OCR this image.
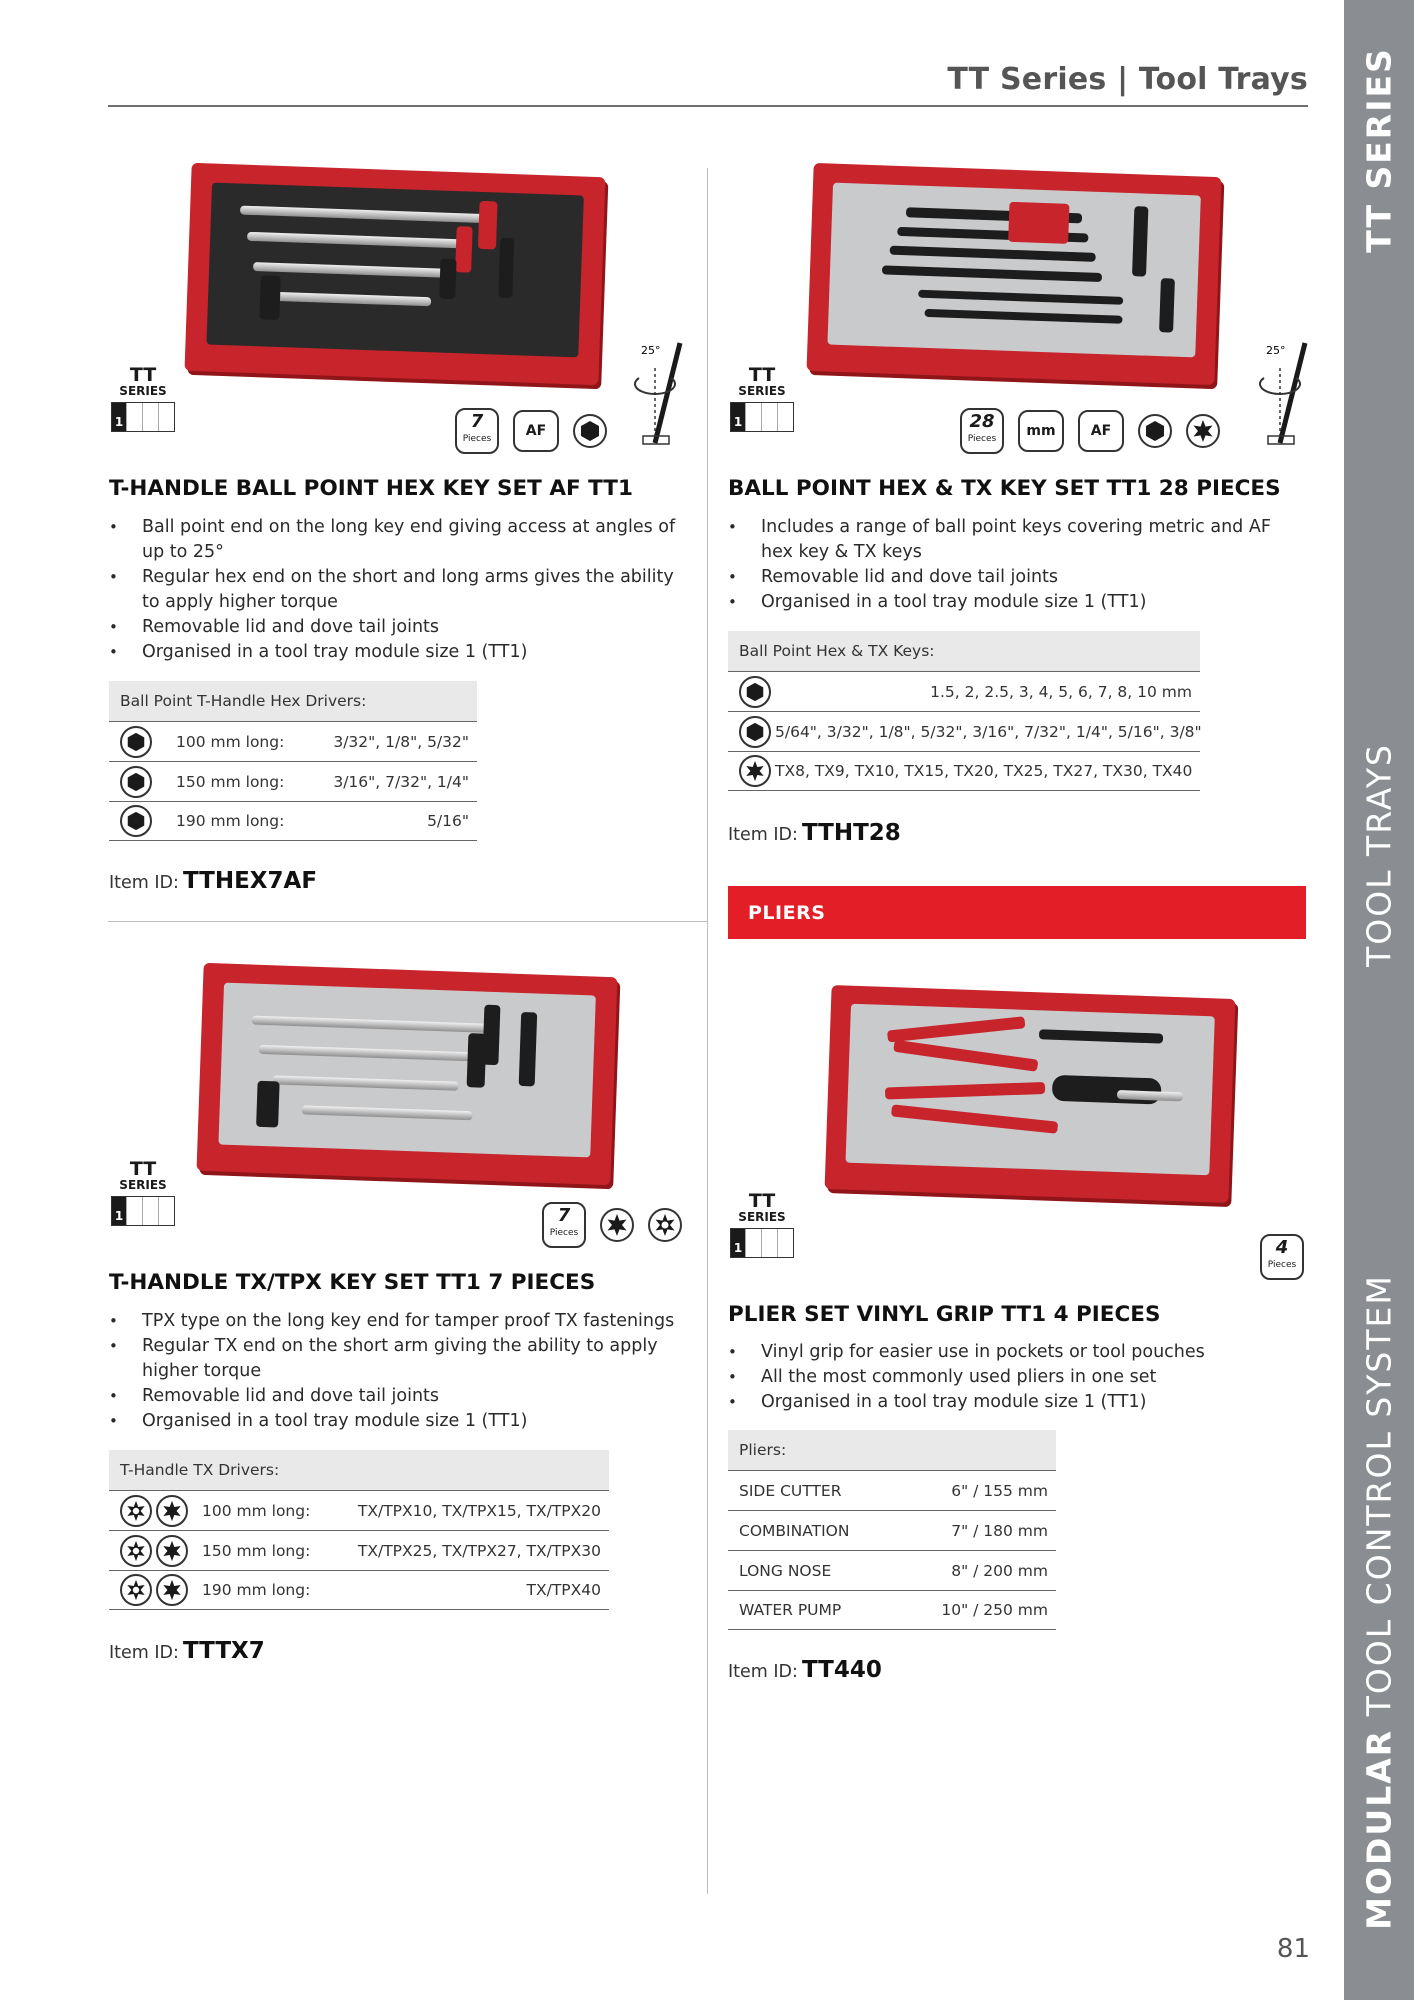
TT Series | Tool Trays TT SERIES
TOOL TRAYS
MODULAR TOOL CONTROL SYSTEM
TT
SERIES
1	7
Pieces	AF
25°
T-HANDLE BALL POINT HEX KEY SET AF TT1
• Ball point end on the long key end giving access at angles of up to 25°
• Regular hex end on the short and long arms gives the ability to apply higher torque
• Removable lid and dove tail joints
• Organised in a tool tray module size 1 (TT1)
Ball Point T-Handle Hex Drivers:
100 mm long:	3/32", 1/8", 5/32"
150 mm long:	3/16", 7/32", 1/4"
190 mm long:	5/16"
Item ID: TTHEX7AF
TT
SERIES
1	28
Pieces	mm	AF
25°
BALL POINT HEX & TX KEY SET TT1 28 PIECES
• Includes a range of ball point keys covering metric and AF hex key & TX keys
• Removable lid and dove tail joints
• Organised in a tool tray module size 1 (TT1)
Ball Point Hex & TX Keys:
1.5, 2, 2.5, 3, 4, 5, 6, 7, 8, 10 mm
5/64", 3/32", 1/8", 5/32", 3/16", 7/32", 1/4", 5/16", 3/8"
TX8, TX9, TX10, TX15, TX20, TX25, TX27, TX30, TX40
Item ID: TTHT28
PLIERS
TT
SERIES
1	7
Pieces
T-HANDLE TX/TPX KEY SET TT1 7 PIECES
• TPX type on the long key end for tamper proof TX fastenings
• Regular TX end on the short arm giving the ability to apply higher torque
• Removable lid and dove tail joints
• Organised in a tool tray module size 1 (TT1)
T-Handle TX Drivers:
100 mm long:	TX/TPX10, TX/TPX15, TX/TPX20
150 mm long:	TX/TPX25, TX/TPX27, TX/TPX30
190 mm long:	TX/TPX40
Item ID: TTTX7
TT
SERIES
1	4
Pieces
PLIER SET VINYL GRIP TT1 4 PIECES
• Vinyl grip for easier use in pockets or tool pouches
• All the most commonly used pliers in one set
• Organised in a tool tray module size 1 (TT1)
Pliers:
SIDE CUTTER	6" / 155 mm
COMBINATION	7" / 180 mm
LONG NOSE	8" / 200 mm
WATER PUMP	10" / 250 mm
Item ID: TT440
81
